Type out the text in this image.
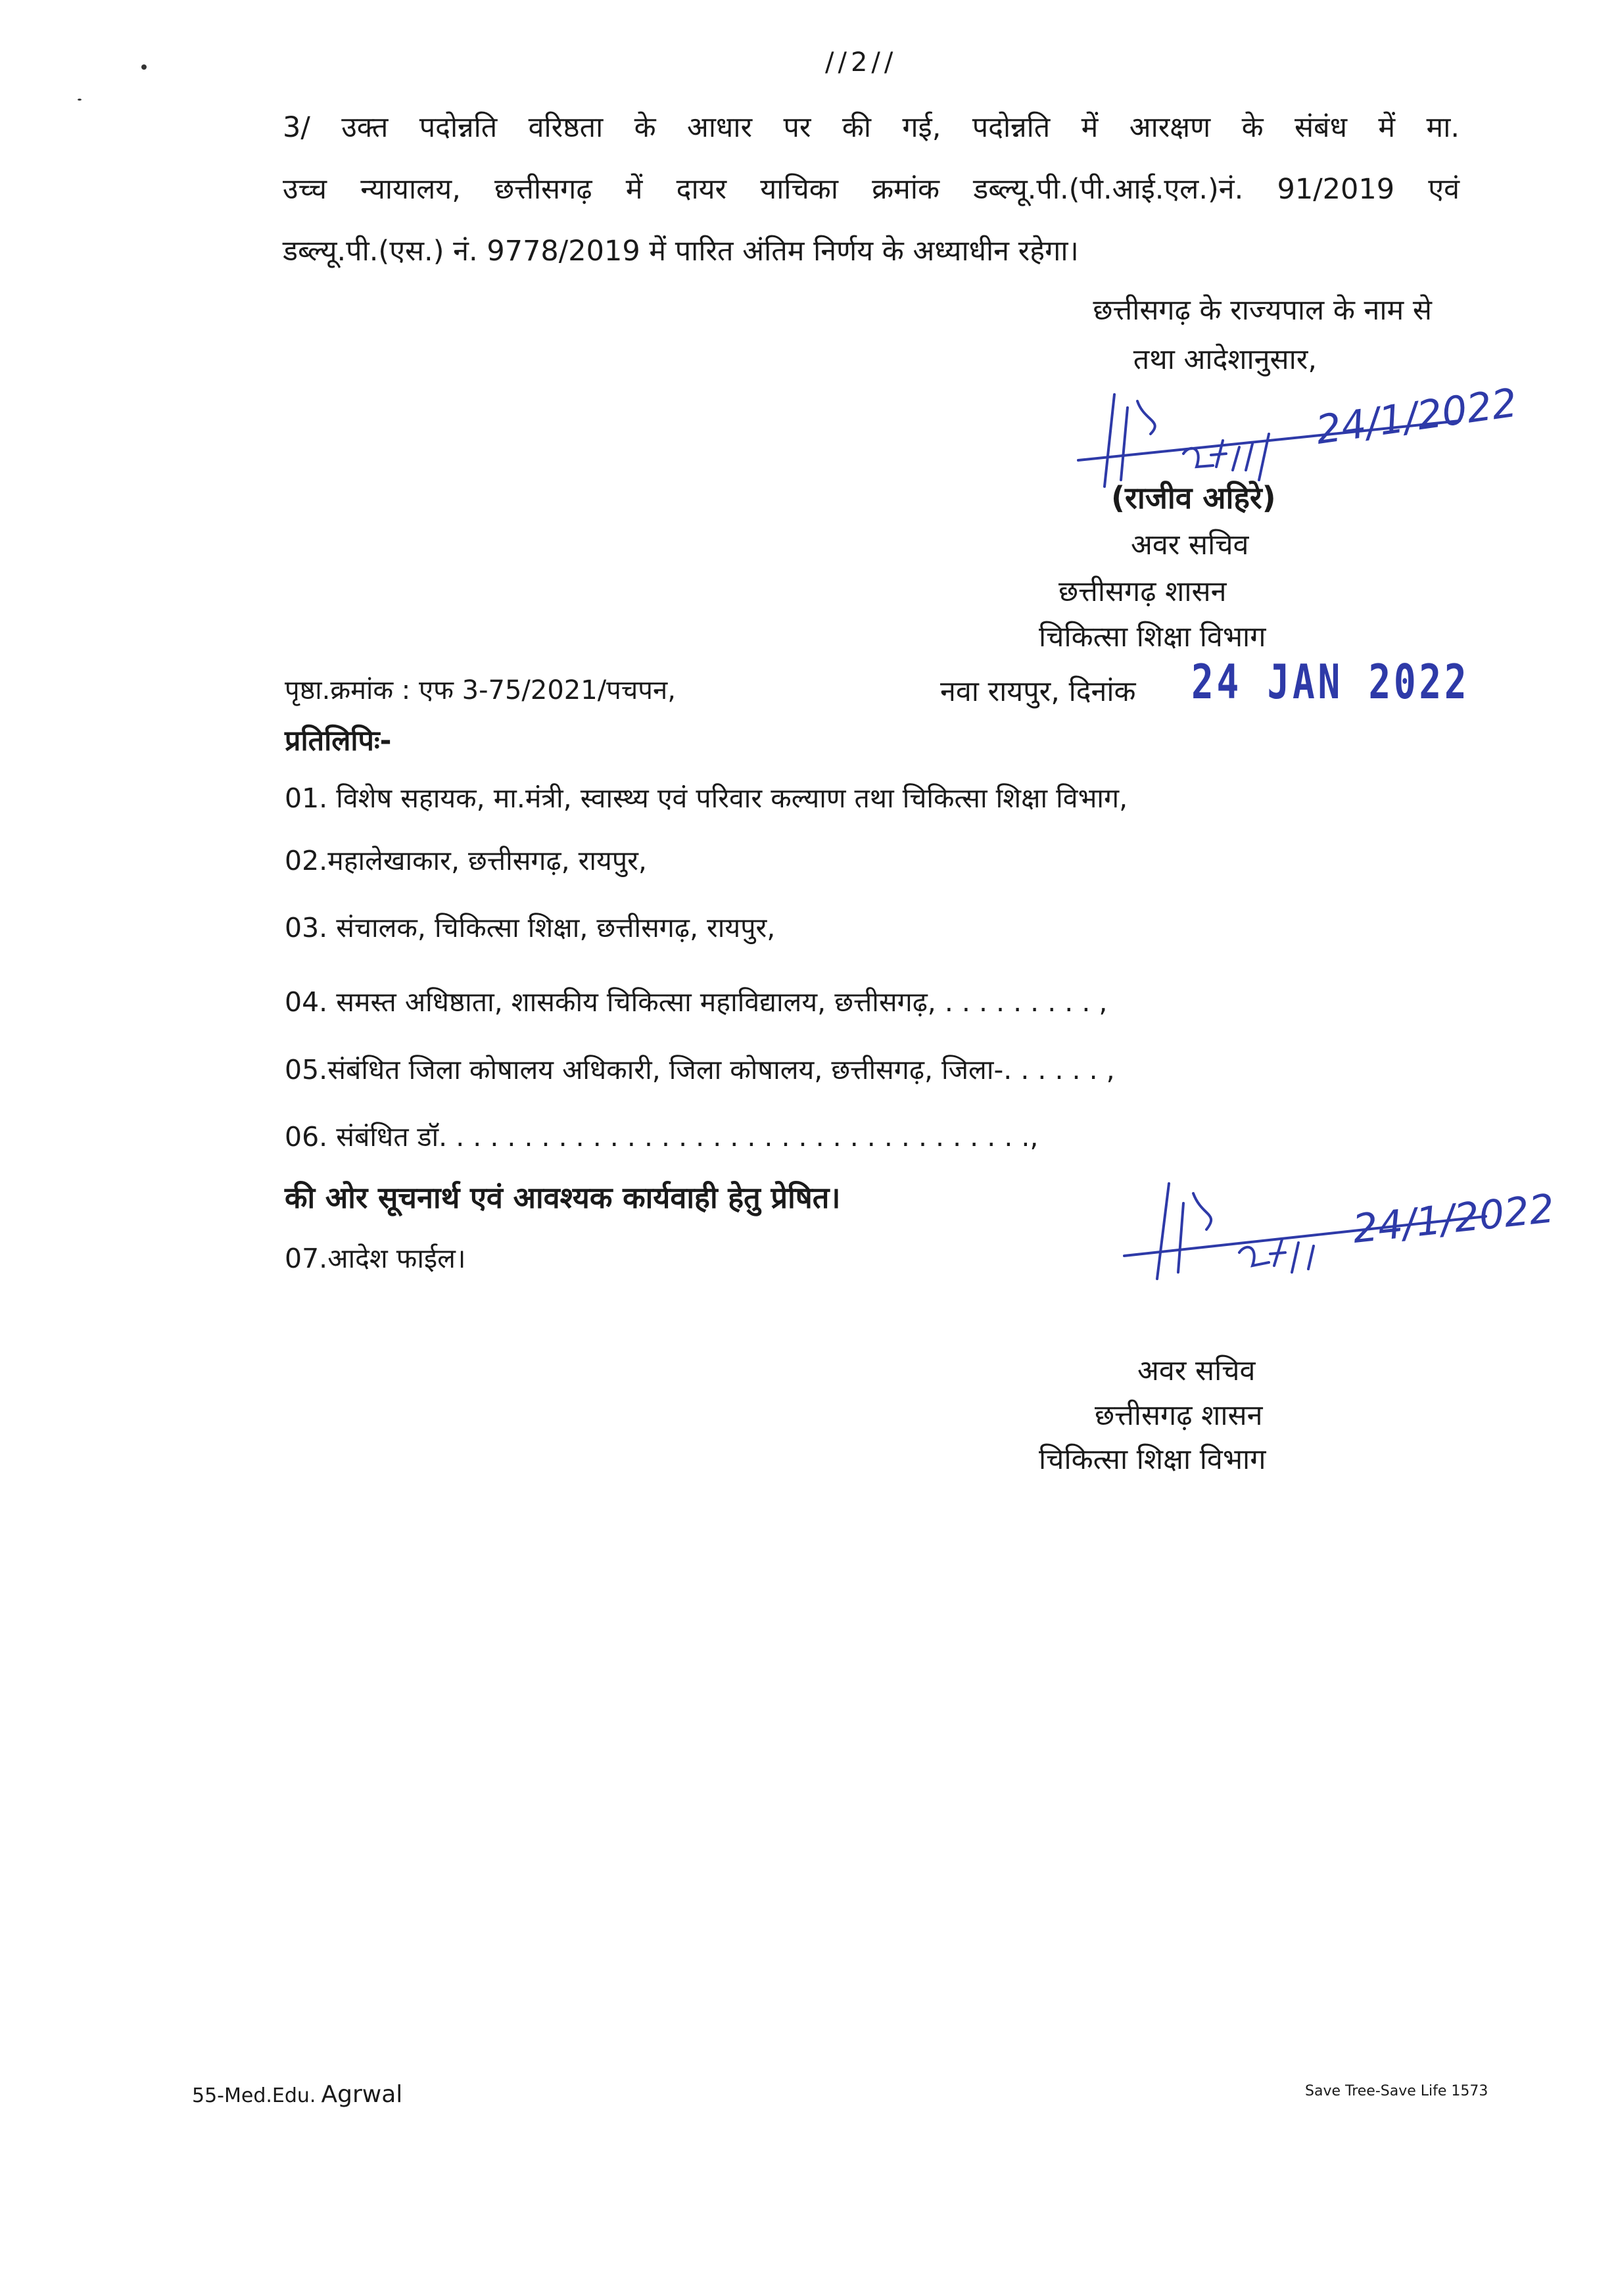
//2//
3/ उक्त पदोन्नति वरिष्ठता के आधार पर की गई, पदोन्नति में आरक्षण के संबंध में मा.
उच्च न्यायालय, छत्तीसगढ़ में दायर याचिका क्रमांक डब्ल्यू.पी.(पी.आई.एल.)नं. 91/2019 एवं
डब्ल्यू.पी.(एस.) नं. 9778/2019 में पारित अंतिम निर्णय के अध्याधीन रहेगा।
छत्तीसगढ़ के राज्यपाल के नाम से
तथा आदेशानुसार,
24/1/2022
(राजीव अहिरे)
अवर सचिव
छत्तीसगढ़ शासन
चिकित्सा शिक्षा विभाग
पृष्ठा.क्रमांक : एफ 3-75/2021/पचपन,	नवा रायपुर, दिनांक 24 JAN 2022
प्रतिलिपिः-
01. विशेष सहायक, मा.मंत्री, स्वास्थ्य एवं परिवार कल्याण तथा चिकित्सा शिक्षा विभाग,
02.महालेखाकार, छत्तीसगढ़, रायपुर,
03. संचालक, चिकित्सा शिक्षा, छत्तीसगढ़, रायपुर,
04. समस्त अधिष्ठाता, शासकीय चिकित्सा महाविद्यालय, छत्तीसगढ़, . . . . . . . . . ,
05.संबंधित जिला कोषालय अधिकारी, जिला कोषालय, छत्तीसगढ़, जिला-. . . . . . ,
06. संबंधित डॉ. . . . . . . . . . . . . . . . . . . . . . . . . . . . . . . . . . .,
की ओर सूचनार्थ एवं आवश्यक कार्यवाही हेतु प्रेषित।
07.आदेश फाईल।
24/1/2022
अवर सचिव
छत्तीसगढ़ शासन
चिकित्सा शिक्षा विभाग
55-Med.Edu. Agrwal	Save Tree-Save Life 1573
